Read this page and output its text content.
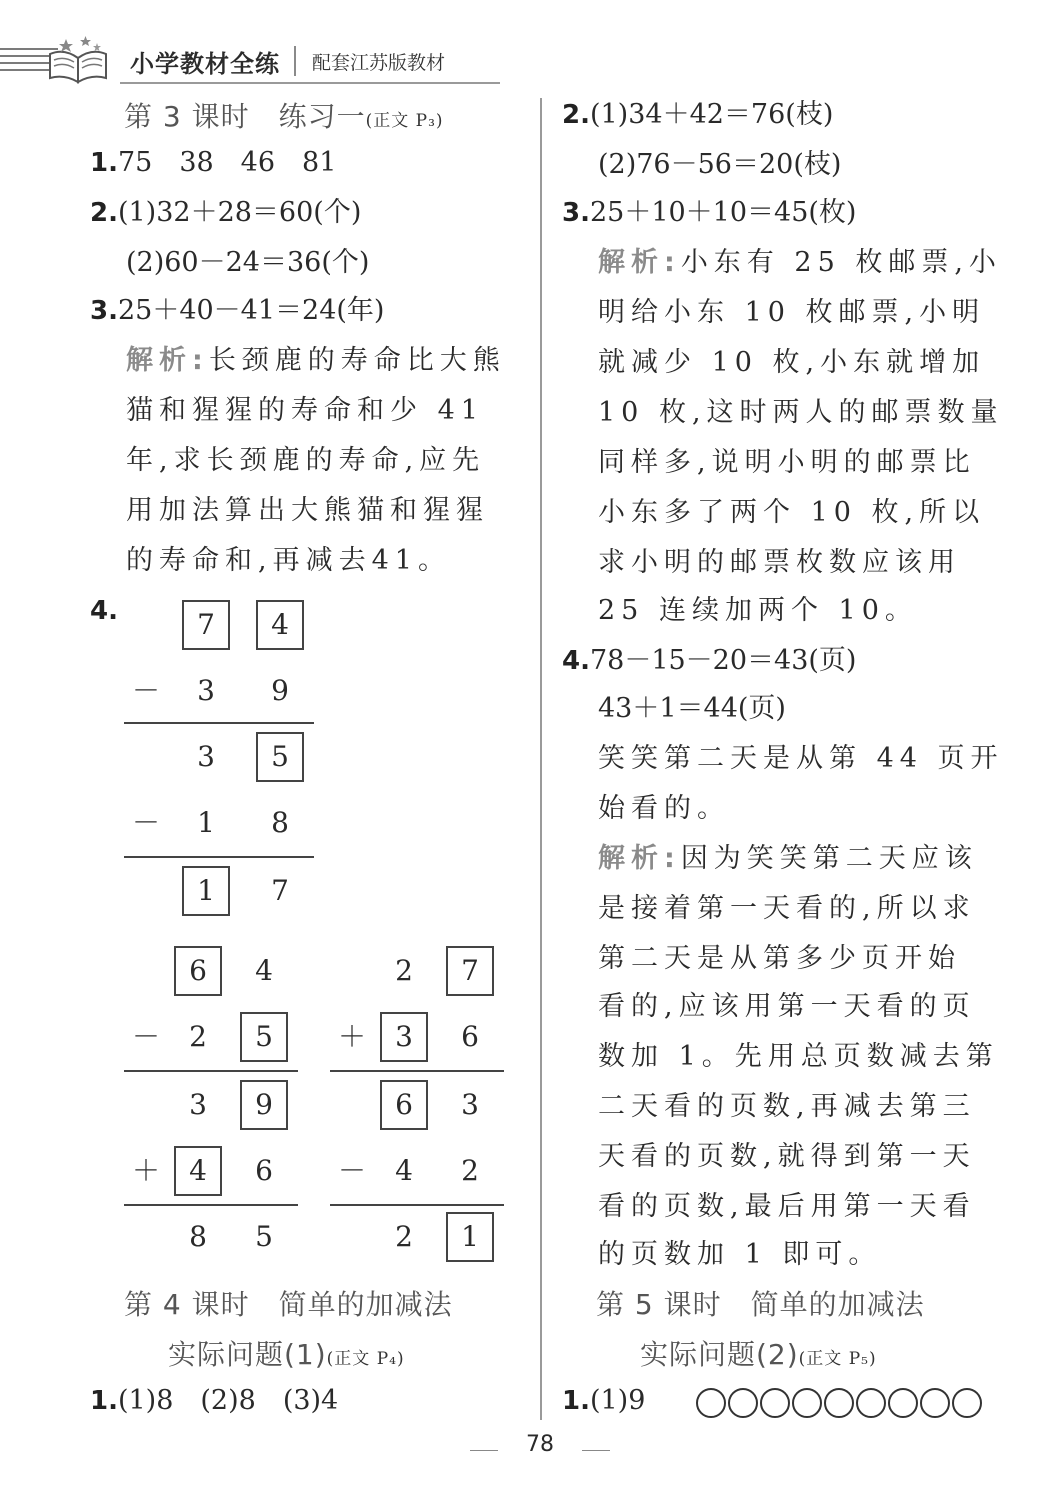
小学教材全练 配套江苏版教材
第 3 课时　练习一(正文 P₃)
1.75　38　46　81
2.(1)32＋28＝60(个)
(2)60－24＝36(个)
3.25＋40－41＝24(年)
解析:长颈鹿的寿命比大熊
猫和猩猩的寿命和少 41
年,求长颈鹿的寿命,应先
用加法算出大熊猫和猩猩
的寿命和,再减去41。
4.	7	4
－	3	9
3	5
－	1	8
1	7
6	4
－	2	5
3	9
＋	4	6
8	5
2	7
＋	3	6
6	3
－	4	2
2	1
第 4 课时　简单的加减法
实际问题(1)(正文 P₄)
1.(1)8　(2)8　(3)4
2.(1)34＋42＝76(枝)
(2)76－56＝20(枝)
3.25＋10＋10＝45(枚)
解析:小东有 25 枚邮票,小
明给小东 10 枚邮票,小明
就减少 10 枚,小东就增加
10 枚,这时两人的邮票数量
同样多,说明小明的邮票比
小东多了两个 10 枚,所以
求小明的邮票枚数应该用
25 连续加两个 10。
4.78－15－20＝43(页)
43＋1＝44(页)
笑笑第二天是从第 44 页开
始看的。
解析:因为笑笑第二天应该
是接着第一天看的,所以求
第二天是从第多少页开始
看的,应该用第一天看的页
数加 1。先用总页数减去第
二天看的页数,再减去第三
天看的页数,就得到第一天
看的页数,最后用第一天看
的页数加 1 即可。
第 5 课时　简单的加减法
实际问题(2)(正文 P₅)
1.(1)9
78
